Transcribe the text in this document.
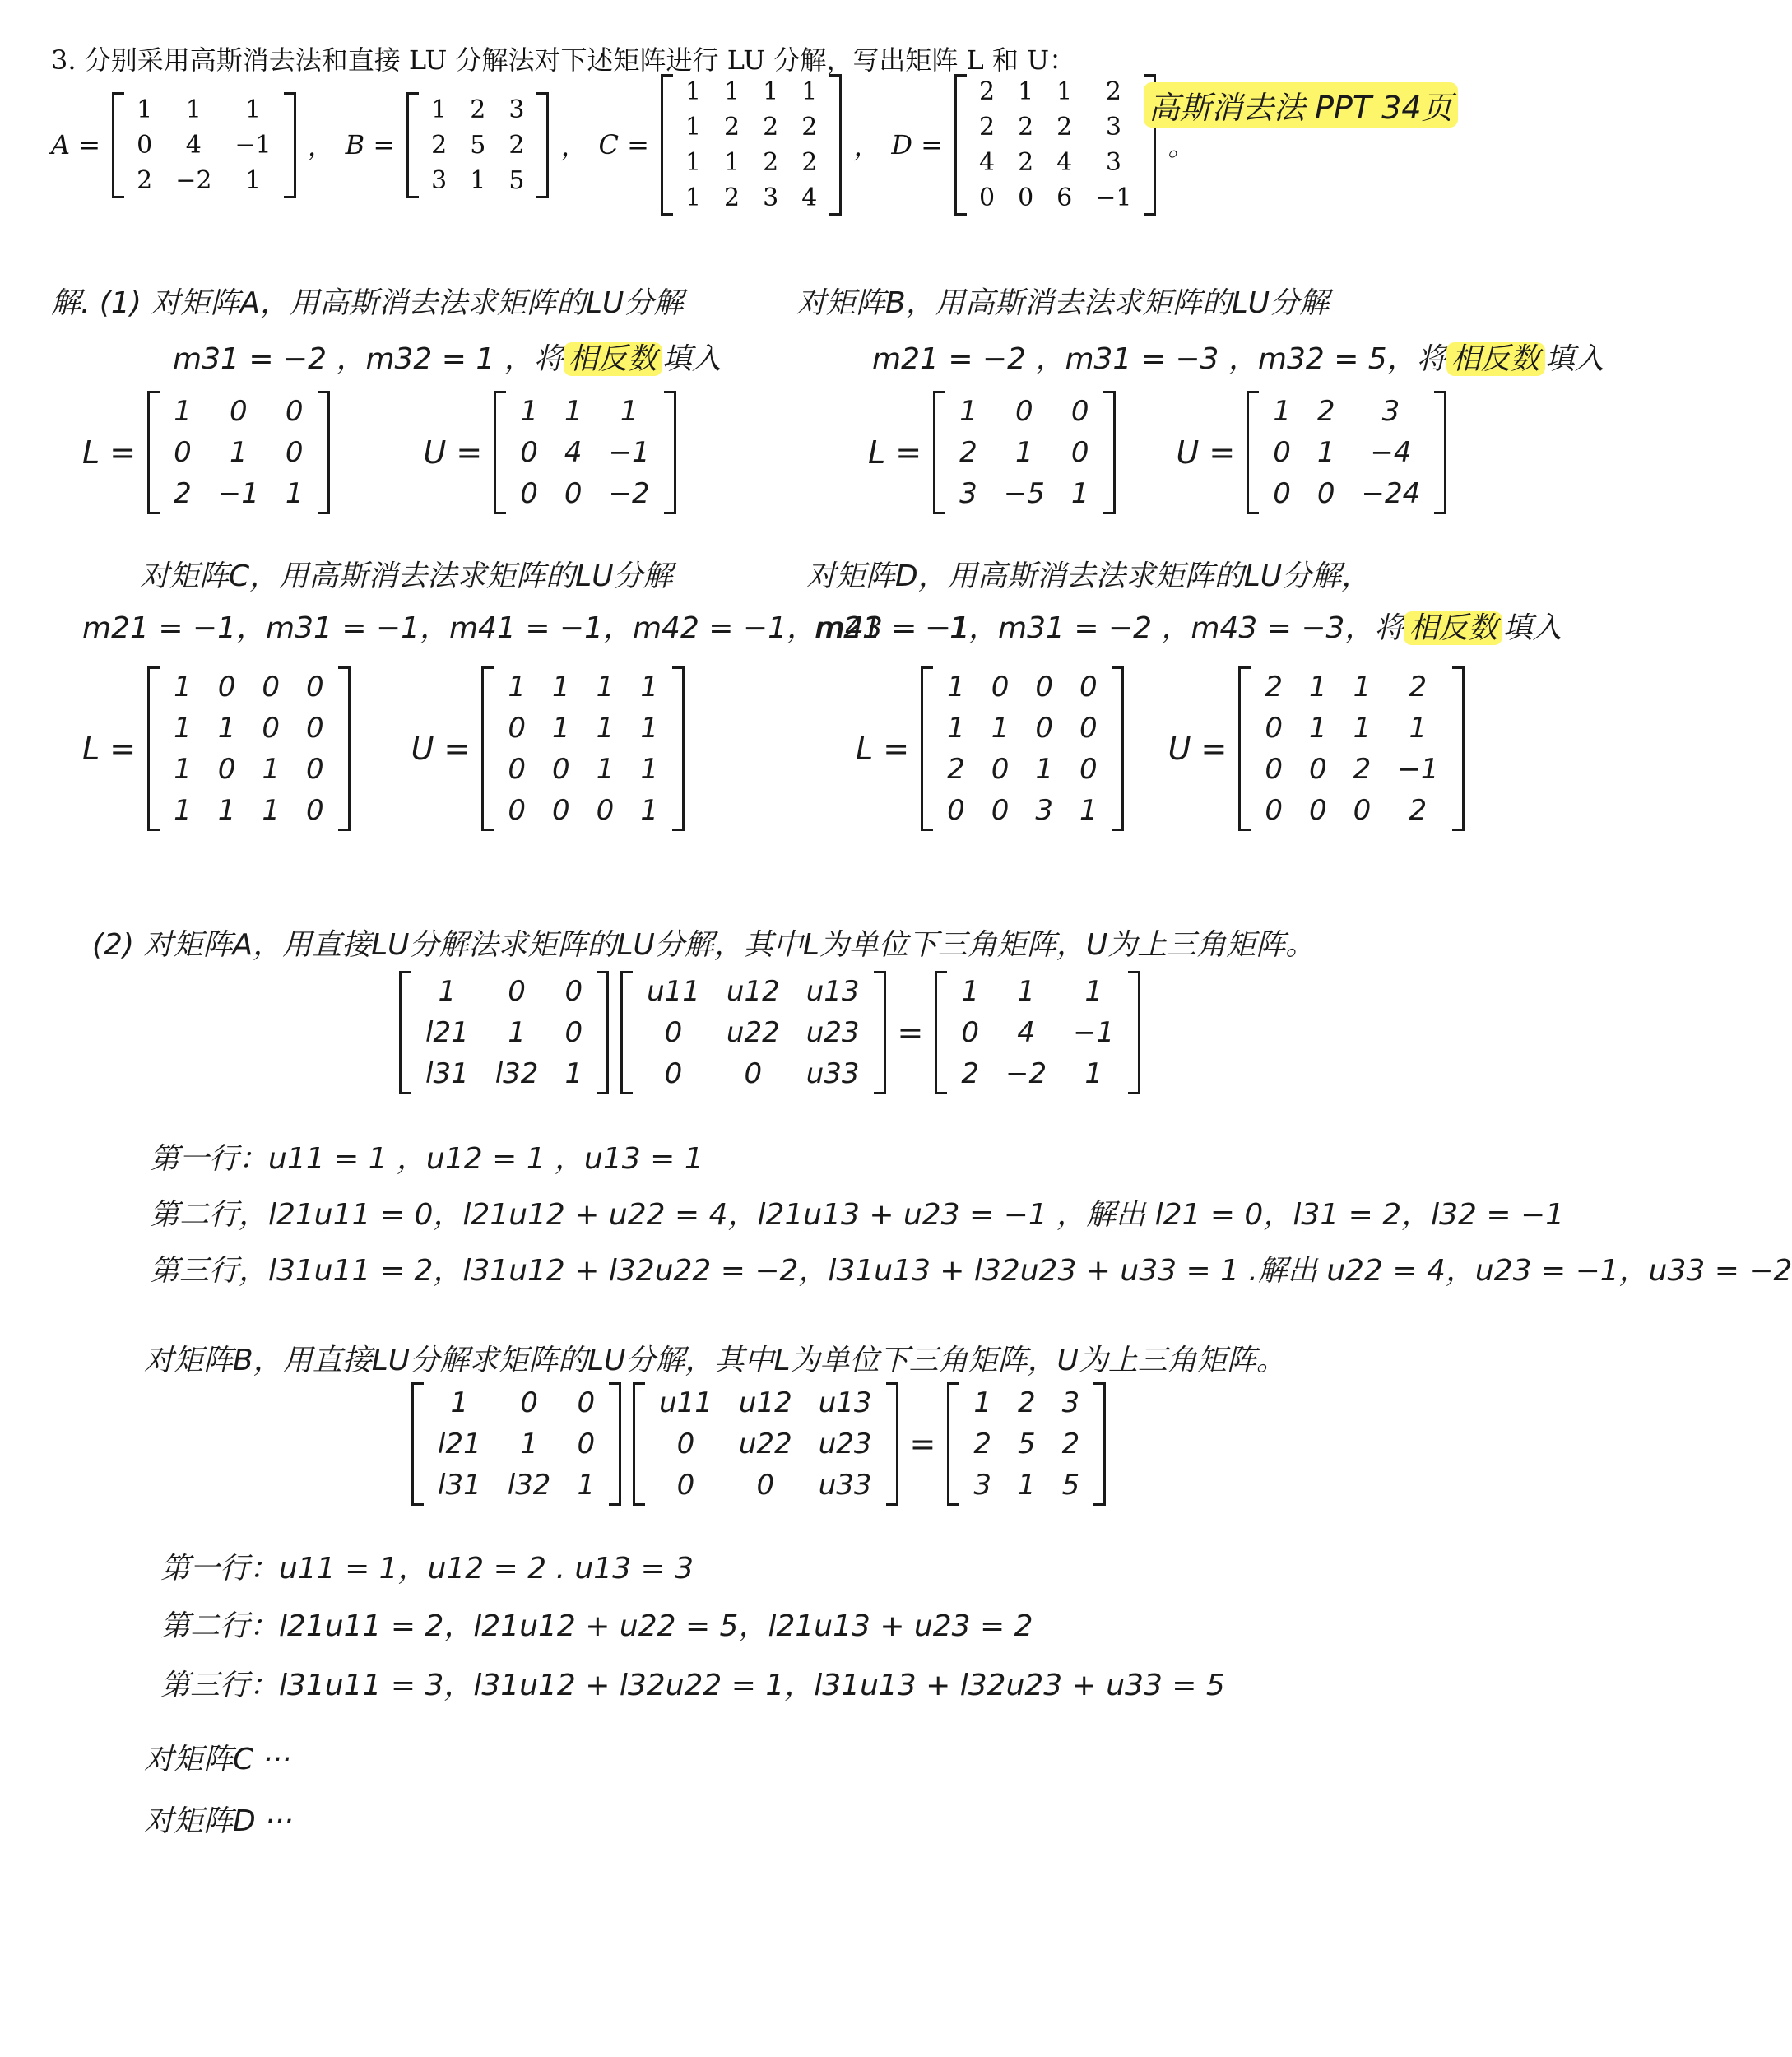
3. 分别采用高斯消去法和直接 LU 分解法对下述矩阵进行 LU 分解，写出矩阵 L 和 U：
A =
1	1	1
0	4	−1
2	−2	1
， B =
1	2	3
2	5	2
3	1	5
， C =
1	1	1	1
1	2	2	2
1	1	2	2
1	2	3	4
， D =
2	1	1	2
2	2	2	3
4	2	4	3
0	0	6	−1
。
高斯消去法 PPT 34页
解. (1) 对矩阵A，用高斯消去法求矩阵的LU分解
m31 = −2 ，m32 = 1 ，将 相反数 填入
L =
1	0	0
0	1	0
2	−1	1
U =
1	1	1
0	4	−1
0	0	−2
对矩阵B，用高斯消去法求矩阵的LU分解
m21 = −2 ，m31 = −3 ，m32 = 5，将 相反数 填入
L =
1	0	0
2	1	0
3	−5	1
U =
1	2	3
0	1	−4
0	0	−24
对矩阵C，用高斯消去法求矩阵的LU分解
m21 = −1，m31 = −1，m41 = −1，m42 = −1，m43 = −1
L =
1	0	0	0
1	1	0	0
1	0	1	0
1	1	1	0
U =
1	1	1	1
0	1	1	1
0	0	1	1
0	0	0	1
对矩阵D，用高斯消去法求矩阵的LU分解，
m21 = −1，m31 = −2 ，m43 = −3，将 相反数 填入
L =
1	0	0	0
1	1	0	0
2	0	1	0
0	0	3	1
U =
2	1	1	2
0	1	1	1
0	0	2	−1
0	0	0	2
(2) 对矩阵A，用直接LU分解法求矩阵的LU分解，其中L为单位下三角矩阵，U为上三角矩阵。
1	0	0
l21	1	0
l31	l32	1
u11	u12	u13
0	u22	u23
0	0	u33
=
1	1	1
0	4	−1
2	−2	1
第一行：u11 = 1 ，u12 = 1 ，u13 = 1
第二行，l21u11 = 0，l21u12 + u22 = 4，l21u13 + u23 = −1 ，解出 l21 = 0，l31 = 2，l32 = −1
第三行，l31u11 = 2，l31u12 + l32u22 = −2，l31u13 + l32u23 + u33 = 1 .解出 u22 = 4，u23 = −1，u33 = −2
对矩阵B，用直接LU分解求矩阵的LU分解，其中L为单位下三角矩阵，U为上三角矩阵。
1	0	0
l21	1	0
l31	l32	1
u11	u12	u13
0	u22	u23
0	0	u33
=
1	2	3
2	5	2
3	1	5
第一行：u11 = 1，u12 = 2 . u13 = 3
第二行：l21u11 = 2，l21u12 + u22 = 5，l21u13 + u23 = 2
第三行：l31u11 = 3，l31u12 + l32u22 = 1，l31u13 + l32u23 + u33 = 5
对矩阵C ···
对矩阵D ···
